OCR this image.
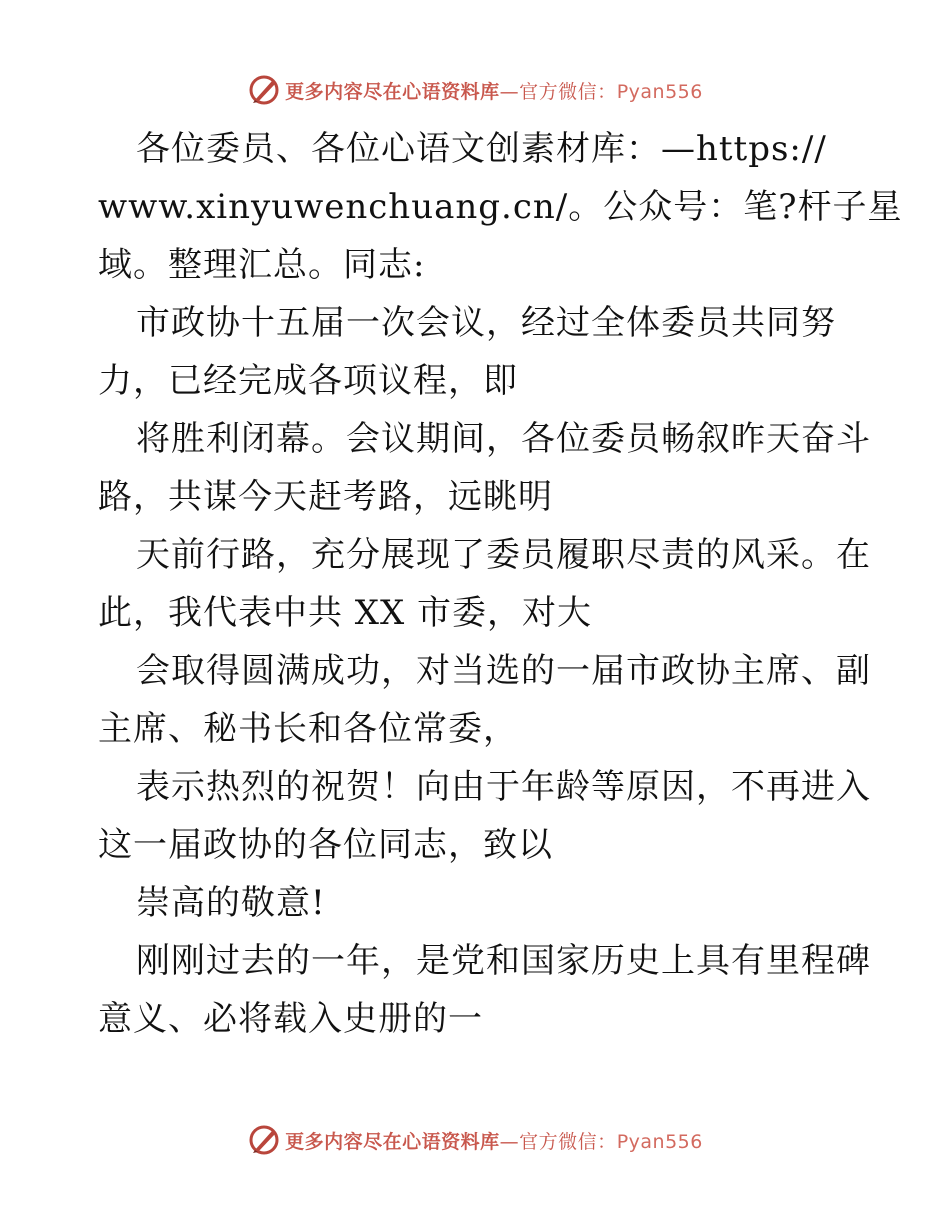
更多内容尽在心语资料库—官方微信：Pyan556
各位委员、各位心语文创素材库：—https://
www.xinyuwenchuang.cn/。公众号：笔?杆子星
域。整理汇总。同志:
市政协十五届一次会议，经过全体委员共同努
力，已经完成各项议程，即
将胜利闭幕。会议期间，各位委员畅叙昨天奋斗
路，共谋今天赶考路，远眺明
天前行路，充分展现了委员履职尽责的风采。在
此，我代表中共 XX 市委，对大
会取得圆满成功，对当选的一届市政协主席、副
主席、秘书长和各位常委，
表示热烈的祝贺！向由于年龄等原因，不再进入
这一届政协的各位同志，致以
崇高的敬意!
刚刚过去的一年，是党和国家历史上具有里程碑
意义、必将载入史册的一
更多内容尽在心语资料库—官方微信：Pyan556
